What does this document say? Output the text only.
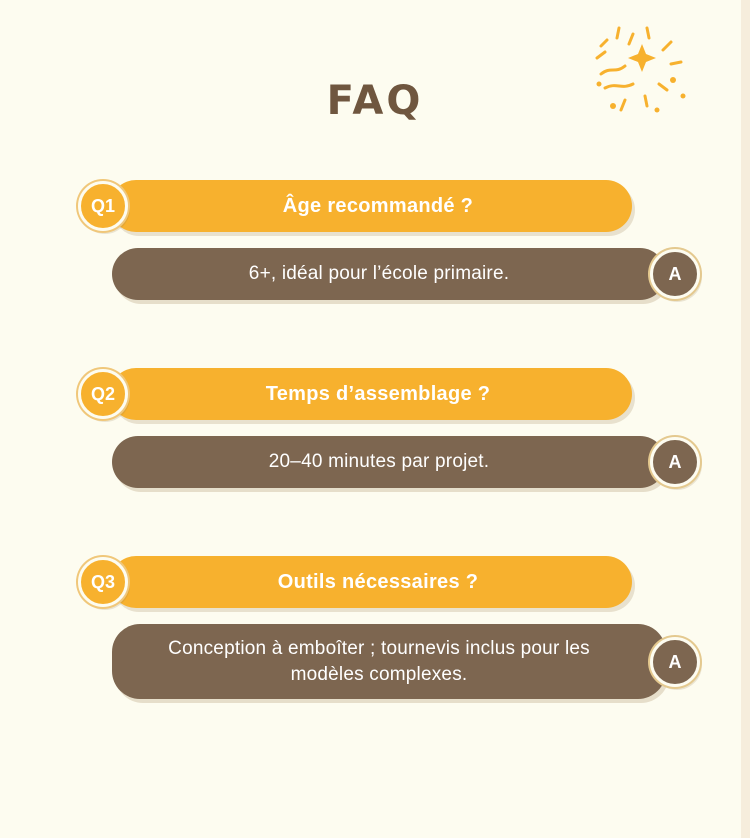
FAQ
Âge recommandé ?
Q1
6+, idéal pour l’école primaire.	A
Temps d’assemblage ?
Q2
20–40 minutes par projet.	A
Outils nécessaires ?
Q3
Conception à emboîter ; tournevis inclus pour les modèles complexes.
A
